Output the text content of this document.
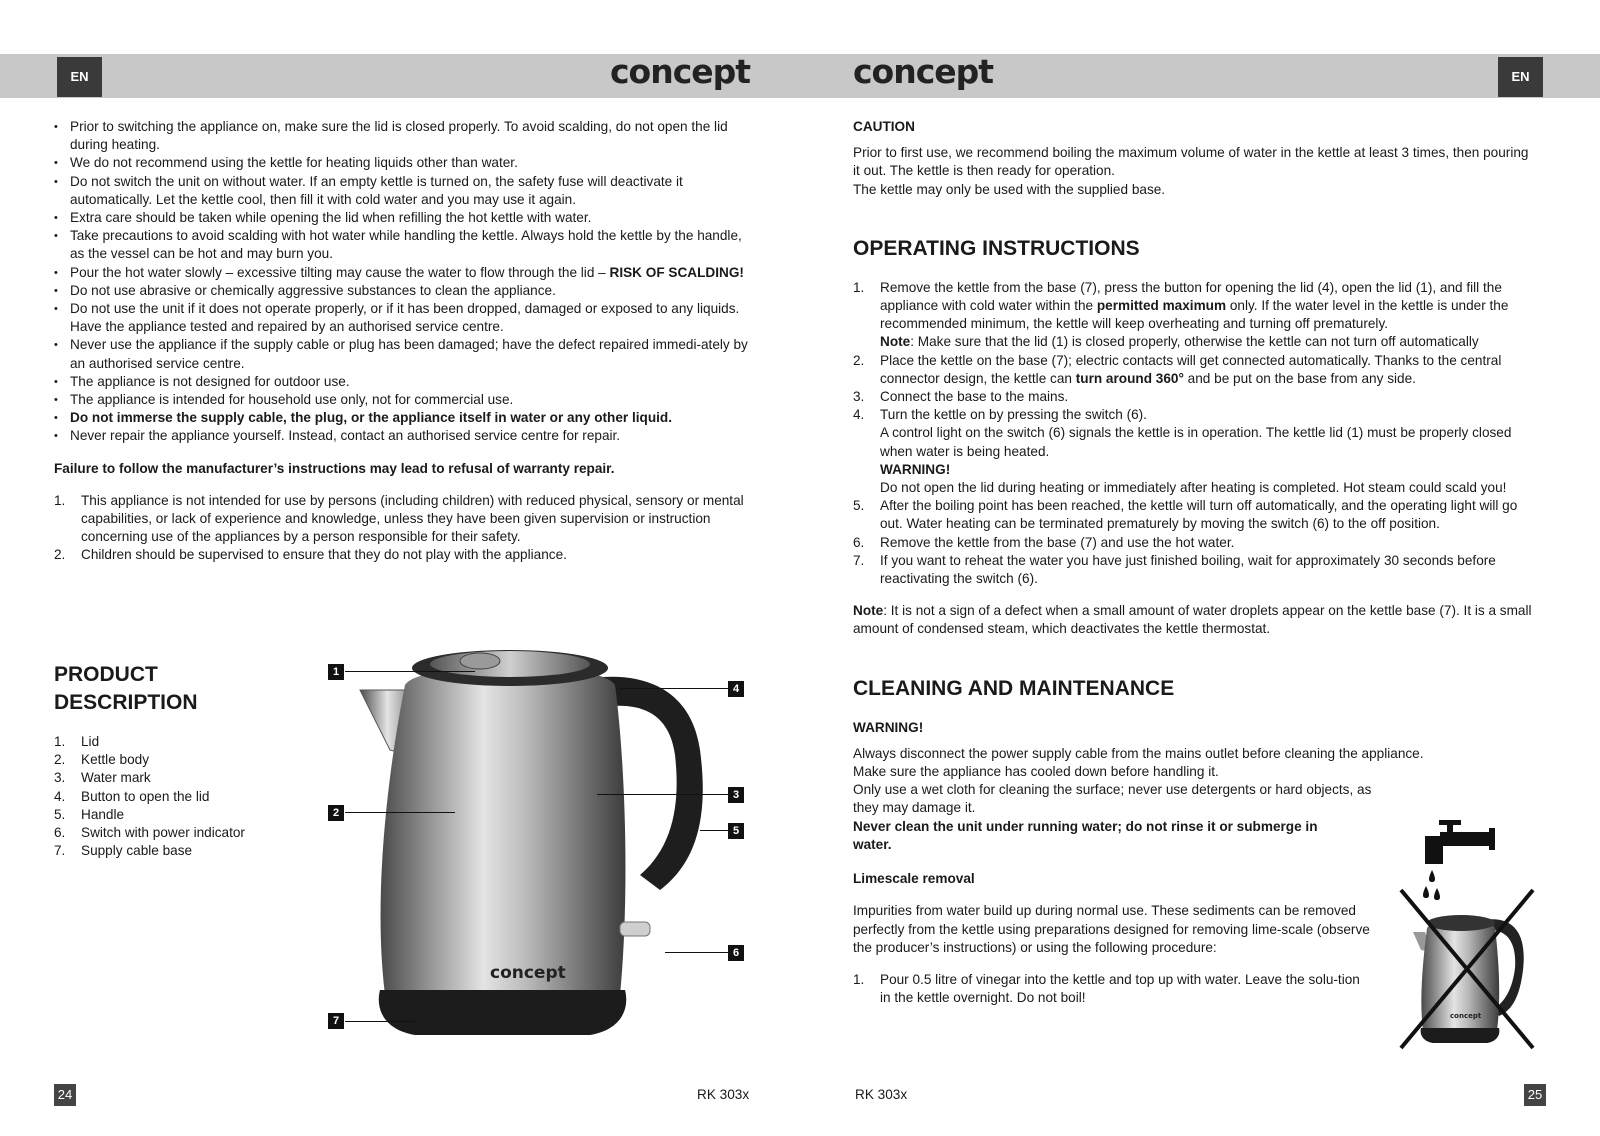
EN	EN
concept	concept
• Prior to switching the appliance on, make sure the lid is closed properly. To avoid scalding, do not open the lid during heating.
• We do not recommend using the kettle for heating liquids other than water.
• Do not switch the unit on without water. If an empty kettle is turned on, the safety fuse will deactivate it automatically. Let the kettle cool, then fill it with cold water and you may use it again.
• Extra care should be taken while opening the lid when refilling the hot kettle with water.
• Take precautions to avoid scalding with hot water while handling the kettle. Always hold the kettle by the handle, as the vessel can be hot and may burn you.
• Pour the hot water slowly – excessive tilting may cause the water to flow through the lid – RISK OF SCALDING!
• Do not use abrasive or chemically aggressive substances to clean the appliance.
• Do not use the unit if it does not operate properly, or if it has been dropped, damaged or exposed to any liquids. Have the appliance tested and repaired by an authorised service centre.
• Never use the appliance if the supply cable or plug has been damaged; have the defect repaired immedi-ately by an authorised service centre.
• The appliance is not designed for outdoor use.
• The appliance is intended for household use only, not for commercial use.
• Do not immerse the supply cable, the plug, or the appliance itself in water or any other liquid.
• Never repair the appliance yourself. Instead, contact an authorised service centre for repair.
Failure to follow the manufacturer’s instructions may lead to refusal of warranty repair.
1. This appliance is not intended for use by persons (including children) with reduced physical, sensory or mental capabilities, or lack of experience and knowledge, unless they have been given supervision or instruction concerning use of the appliances by a person responsible for their safety.
2. Children should be supervised to ensure that they do not play with the appliance.
PRODUCT
DESCRIPTION
1. Lid
2. Kettle body
3. Water mark
4. Button to open the lid
5. Handle
6. Switch with power indicator
7. Supply cable base
concept
1
2
3
4
5
6
7
24	RK 303x
CAUTION

Prior to first use, we recommend boiling the maximum volume of water in the kettle at least 3 times, then pouring it out. The kettle is then ready for operation.

The kettle may only be used with the supplied base.

OPERATING INSTRUCTIONS
1. Remove the kettle from the base (7), press the button for opening the lid (4), open the lid (1), and fill the appliance with cold water within the permitted maximum only. If the water level in the kettle is under the recommended minimum, the kettle will keep overheating and turning off prematurely.
Note: Make sure that the lid (1) is closed properly, otherwise the kettle can not turn off automatically
2. Place the kettle on the base (7); electric contacts will get connected automatically. Thanks to the central connector design, the kettle can turn around 360° and be put on the base from any side.
3. Connect the base to the mains.
4. Turn the kettle on by pressing the switch (6).
A control light on the switch (6) signals the kettle is in operation. The kettle lid (1) must be properly closed when water is being heated.
WARNING!
Do not open the lid during heating or immediately after heating is completed. Hot steam could scald you!
5. After the boiling point has been reached, the kettle will turn off automatically, and the operating light will go out. Water heating can be terminated prematurely by moving the switch (6) to the off position.
6. Remove the kettle from the base (7) and use the hot water.
7. If you want to reheat the water you have just finished boiling, wait for approximately 30 seconds before reactivating the switch (6).

Note: It is not a sign of a defect when a small amount of water droplets appear on the kettle base (7). It is a small amount of condensed steam, which deactivates the kettle thermostat.

CLEANING AND MAINTENANCE
WARNING!

Always disconnect the power supply cable from the mains outlet before cleaning the appliance.

Make sure the appliance has cooled down before handling it.

Only use a wet cloth for cleaning the surface; never use detergents or hard objects, as they may damage it.

Never clean the unit under running water; do not rinse it or submerge in water.

Limescale removal

Impurities from water build up during normal use. These sediments can be removed perfectly from the kettle using preparations designed for removing lime-scale (observe the producer’s instructions) or using the following procedure:

1. Pour 0.5 litre of vinegar into the kettle and top up with water. Leave the solu-tion in the kettle overnight. Do not boil!
concept
RK 303x	25
